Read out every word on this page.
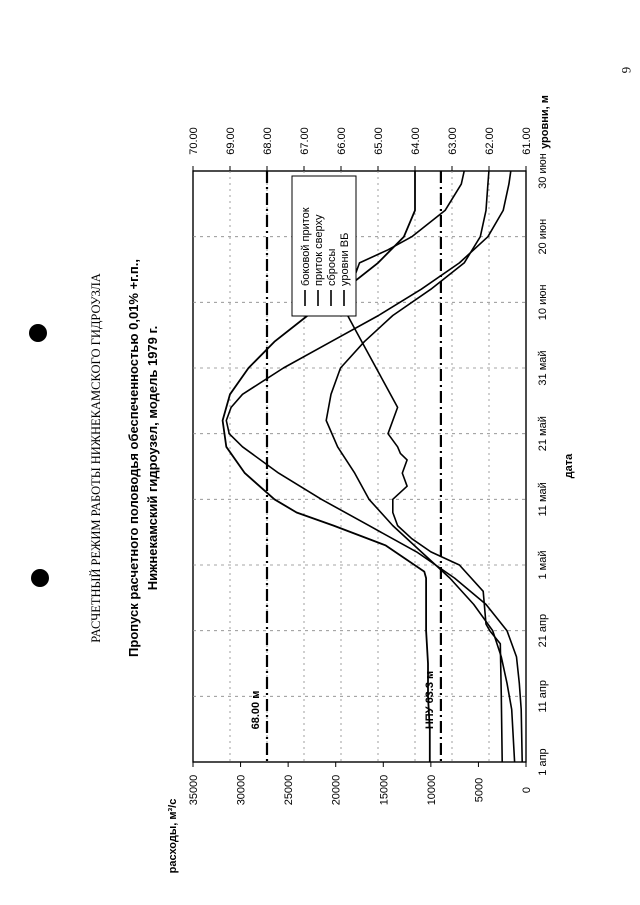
6
РАСЧЕТНЫЙ РЕЖИМ РАБОТЫ НИЖНЕКАМСКОГО ГИДРОУЗЛА Пропуск расчетного половодья обеспеченностью 0,01% +г.п., Нижнекамский гидроузел, модель 1979 г.
68.00 м	НПУ 63.3 м
1 апр
11 апр
21 апр
1 май
11 май
21 май
31 май
10 июн
20 июн
30 июн
61.00
62.00
63.00
64.00
65.00
66.00
67.00
68.00
69.00
70.00
0
5000
10000
15000
20000
25000
30000
35000
дата
расходы, м³/с
уровни, м
боковой приток приток сверху сбросы уровни ВБ
